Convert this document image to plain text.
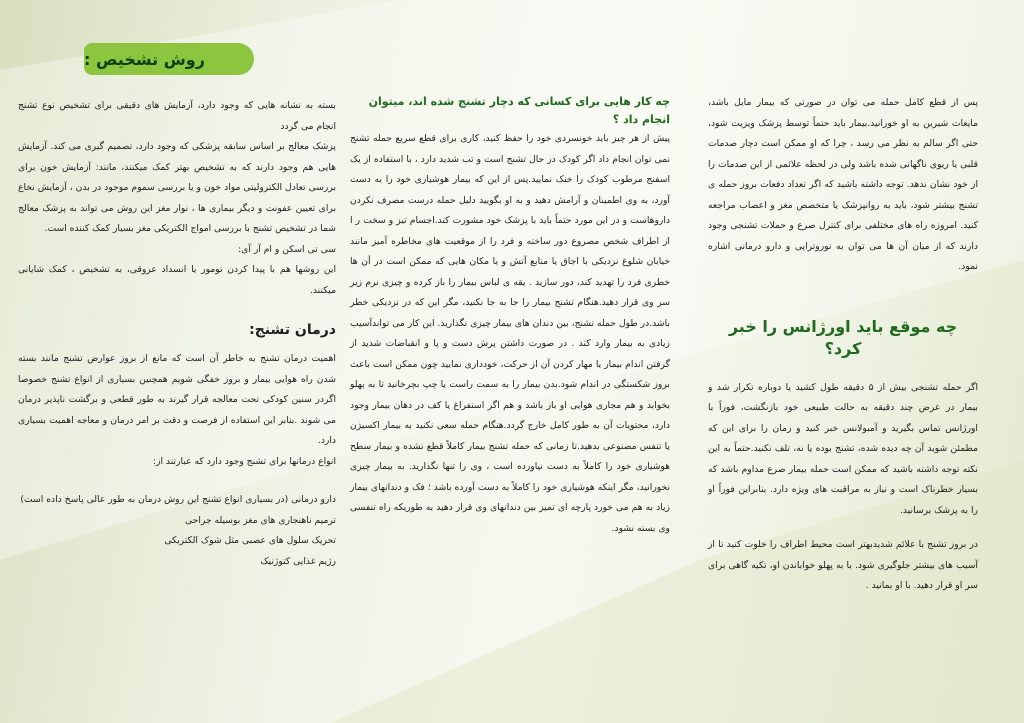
پس از قطع کامل حمله می توان در صورتی که بیمار مایل باشد، مایعات شیرین به او خورانید.بیمار باید حتماً توسط پزشک ویزیت شود، حتی اگر سالم به نظر می رسد ، چرا که او ممکن است دچار صدمات قلبی یا ریوی ناگهانی شده باشد ولی در لحظه علائمی از این صدمات را از خود نشان ندهد. توجه داشته باشید که اگر تعداد دفعات بروز حمله ی تشنج بیشتر شود، باید به روانپزشک یا متخصص مغز و اعصاب مراجعه کنید. امروزه راه های مختلفی برای کنترل صرع و حملات تشنجی وجود دارند که از میان آن ها می توان به نوروتراپی و دارو درمانی اشاره نمود.

چه موقع باید اورژانس را خبر کرد؟

اگر حمله تشنجی بیش از ۵ دقیقه طول کشید یا دوباره تکرار شد و بیمار در عرض چند دقیقه به حالت طبیعی خود بازنگشت، فوراً با اورژانس تماس بگیرید و آمبولانس خبر کنید و زمان را برای این که مطمئن شوید آن چه دیده شده، تشنج بوده یا نه، تلف نکنید.حتماً به این نکته توجه داشته باشید که ممکن است حمله بیمار صرع مداوم باشد که بسیار خطرناک است و نیاز به مراقبت های ویژه دارد. بنابراین فوراً او را به پزشک برسانید.

در بروز تشنج با علائم شدیدبهتر است محیط اطراف را خلوت کنید تا از آسیب های بیشتر جلوگیری شود. با به پهلو خواباندن او، تکیه گاهی برای سر او قرار دهید. با او بمانید .

چه کار هایی برای کسانی که دچار تشنج شده اند، میتوان انجام داد ؟

پیش از هر چیز باید خونسردی خود را حفظ کنید، کاری برای قطع سریع حمله تشنج نمی توان انجام داد اگر کودک در حال تشنج است و تب شدید دارد ، با استفاده از یک اسفنج مرطوب کودک را خنک نمایید.پس از این که بیمار هوشیاری خود را به دست آورد، به وی اطمینان و آرامش دهید و به او بگویید دلیل حمله درست مصرف نکردن داروهاست و در این مورد حتماً باید با پزشک خود مشورت کند.اجسام تیز و سخت ر ا از اطراف شخص مصروع دور ساخته و فرد را از موقعیت های مخاطره آمیز مانند خیابان شلوغ نزدیکی با اجاق یا منابع آتش و یا مکان هایی که ممکن است در آن ها خطری فرد را تهدید کند، دور سازید . یقه ی لباس بیمار را باز کرده و چیزی نرم زیر سر وی قرار دهید.هنگام تشنج بیمار را جا به جا نکنید، مگر این که در نزدیکی خطر باشد.در طول حمله تشنج، بین دندان های بیمار چیزی نگذارید. این کار می تواندآسیب زیادی به بیمار وارد کند . در صورت داشتن پرش دست و پا و انقباضات شدید از گرفتن اندام بیمار یا مهار کردن آن از حرکت، خودداری نمایید چون ممکن است باعث بروز شکستگی در اندام شود.بدن بیمار را به سمت راست یا چپ بچرخانید تا به پهلو بخوابد و هم مجاری هوایی او باز باشد و هم اگر استفراغ یا کف در دهان بیمار وجود دارد، محتویات آن به طور کامل خارج گردد.هنگام حمله سعی نکنید به بیمار اکسیژن یا تنفس مصنوعی بدهید.تا زمانی که حمله تشنج بیمار کاملاً قطع نشده و بیمار سطح هوشیاری خود را کاملاً به دست نیاورده است ، وی را تنها نگذارید. به بیمار چیزی نخورانید، مگر اینکه هوشیاری خود را کاملاً به دست آورده باشد ؛ فک و دندانهای بیمار زیاد به هم می خورد پارچه ای تمیز بین دندانهای وی قرار دهید به طوریکه راه تنفسی وی بسته نشود.

روش تشخیص :

بسته به نشانه هایی که وجود دارد، آزمایش های دقیقی برای تشخیص نوع تشنج انجام می گردد

پزشک معالج بر اساس سابقه پزشکی که وجود دارد، تصمیم گیری می کند. آزمایش هایی هم وجود دارند که به تشخیص بهتر کمک میکنند، مانند: آزمایش خون برای بررسی تعادل الکترولیتی مواد خون و یا بررسی سموم موجود در بدن ، آزمایش نخاع برای تعیین عفونت و دیگر بیماری ها ، نوار مغز این روش می تواند به پزشک معالج شما در تشخیص تشنج با بررسی امواج الکتریکی مغز بسیار کمک کننده است.

سی تی اسکن و ام آر آی:

این روشها هم با پیدا کردن تومور یا انسداد عروقی، به تشخیص ، کمک شایانی میکنند.

درمان تشنج:

اهمیت درمان تشنج به خاطر آن است که مانع از بروز عوارض تشنج مانند بسته شدن راه هوایی بیمار و بروز خفگی شویم همچنین بسیاری از انواع تشنج خصوصا اگردر سنین کودکی تحت معالجه قرار گیرند به طور قطعی و برگشت ناپذیر درمان می شوند .بنابر این استفاده از فرصت و دقت بر امر درمان و معاجه اهمیت بسیاری دارد.

انواع درمانها برای تشنج وجود دارد که عبارتند از:

دارو درمانی (در بسیاری انواع تشنج این روش درمان به طور عالی پاسخ داده است)

ترمیم ناهنجاری های مغز بوسیله جراحی

تحریک سلول های عصبی مثل شوک الکتریکی

رژیم غذایی کتوژنیک
